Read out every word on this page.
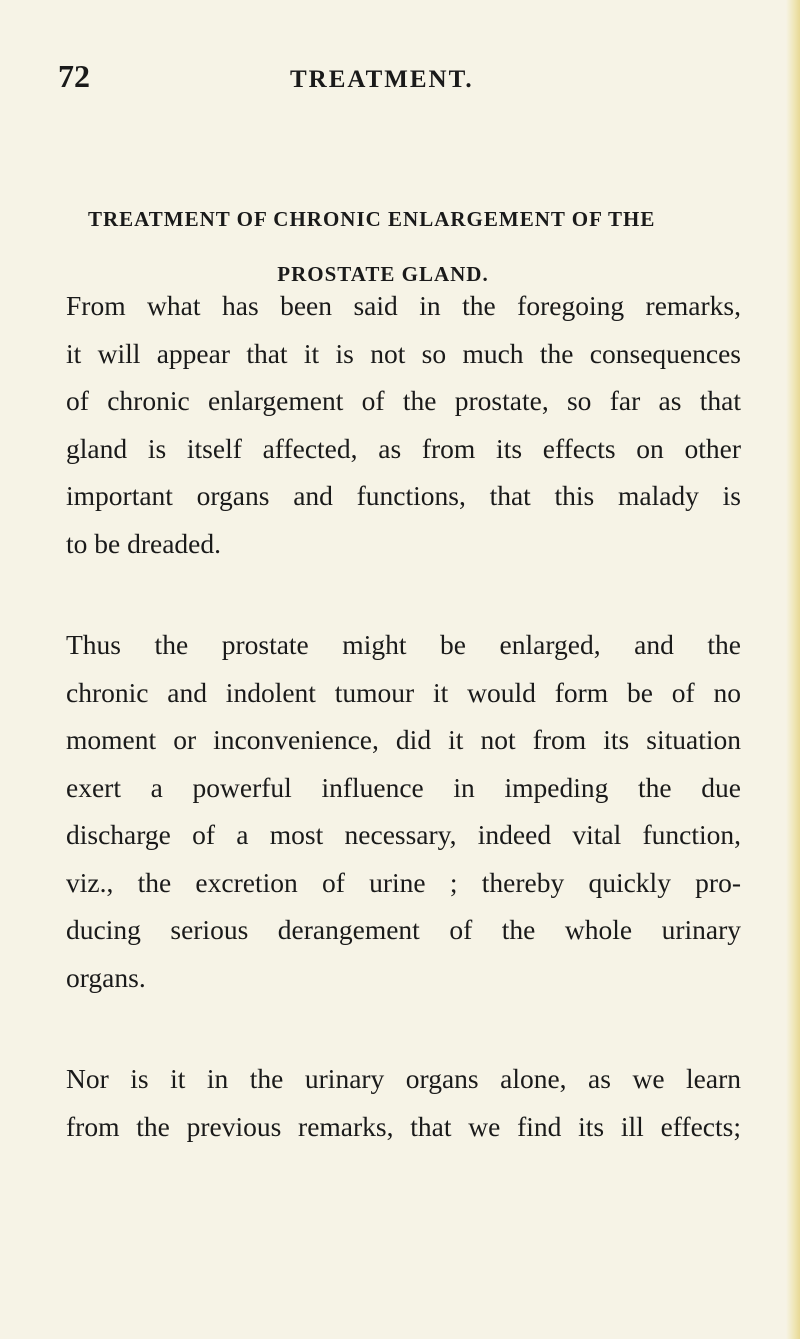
72	TREATMENT.

TREATMENT OF CHRONIC ENLARGEMENT OF THE
PROSTATE GLAND.

From what has been said in the foregoing remarks,
it will appear that it is not so much the consequences
of chronic enlargement of the prostate, so far as that
gland is itself affected, as from its effects on other
important organs and functions, that this malady is
to be dreaded.

Thus the prostate might be enlarged, and the
chronic and indolent tumour it would form be of no
moment or inconvenience, did it not from its situation
exert a powerful influence in impeding the due
discharge of a most necessary, indeed vital function,
viz., the excretion of urine ; thereby quickly pro-
ducing serious derangement of the whole urinary
organs.

Nor is it in the urinary organs alone, as we learn
from the previous remarks, that we find its ill effects;
